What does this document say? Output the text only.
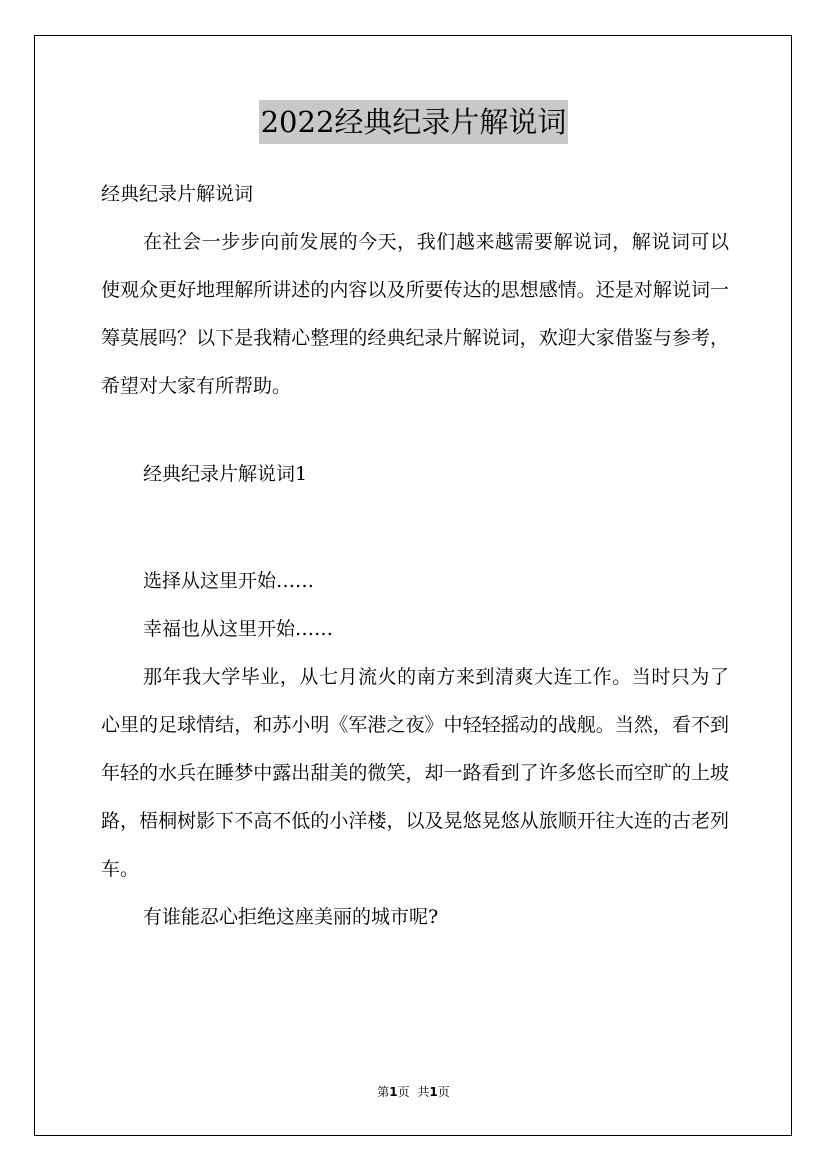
2022经典纪录片解说词

经典纪录片解说词

在社会一步步向前发展的今天，我们越来越需要解说词，解说词可以使观众更好地理解所讲述的内容以及所要传达的思想感情。还是对解说词一筹莫展吗？以下是我精心整理的经典纪录片解说词，欢迎大家借鉴与参考，希望对大家有所帮助。

经典纪录片解说词1

选择从这里开始……

幸福也从这里开始……

那年我大学毕业，从七月流火的南方来到清爽大连工作。当时只为了心里的足球情结，和苏小明《军港之夜》中轻轻摇动的战舰。当然，看不到年轻的水兵在睡梦中露出甜美的微笑，却一路看到了许多悠长而空旷的上坡路，梧桐树影下不高不低的小洋楼，以及晃悠晃悠从旅顺开往大连的古老列车。

有谁能忍心拒绝这座美丽的城市呢?

第1页 共1页
